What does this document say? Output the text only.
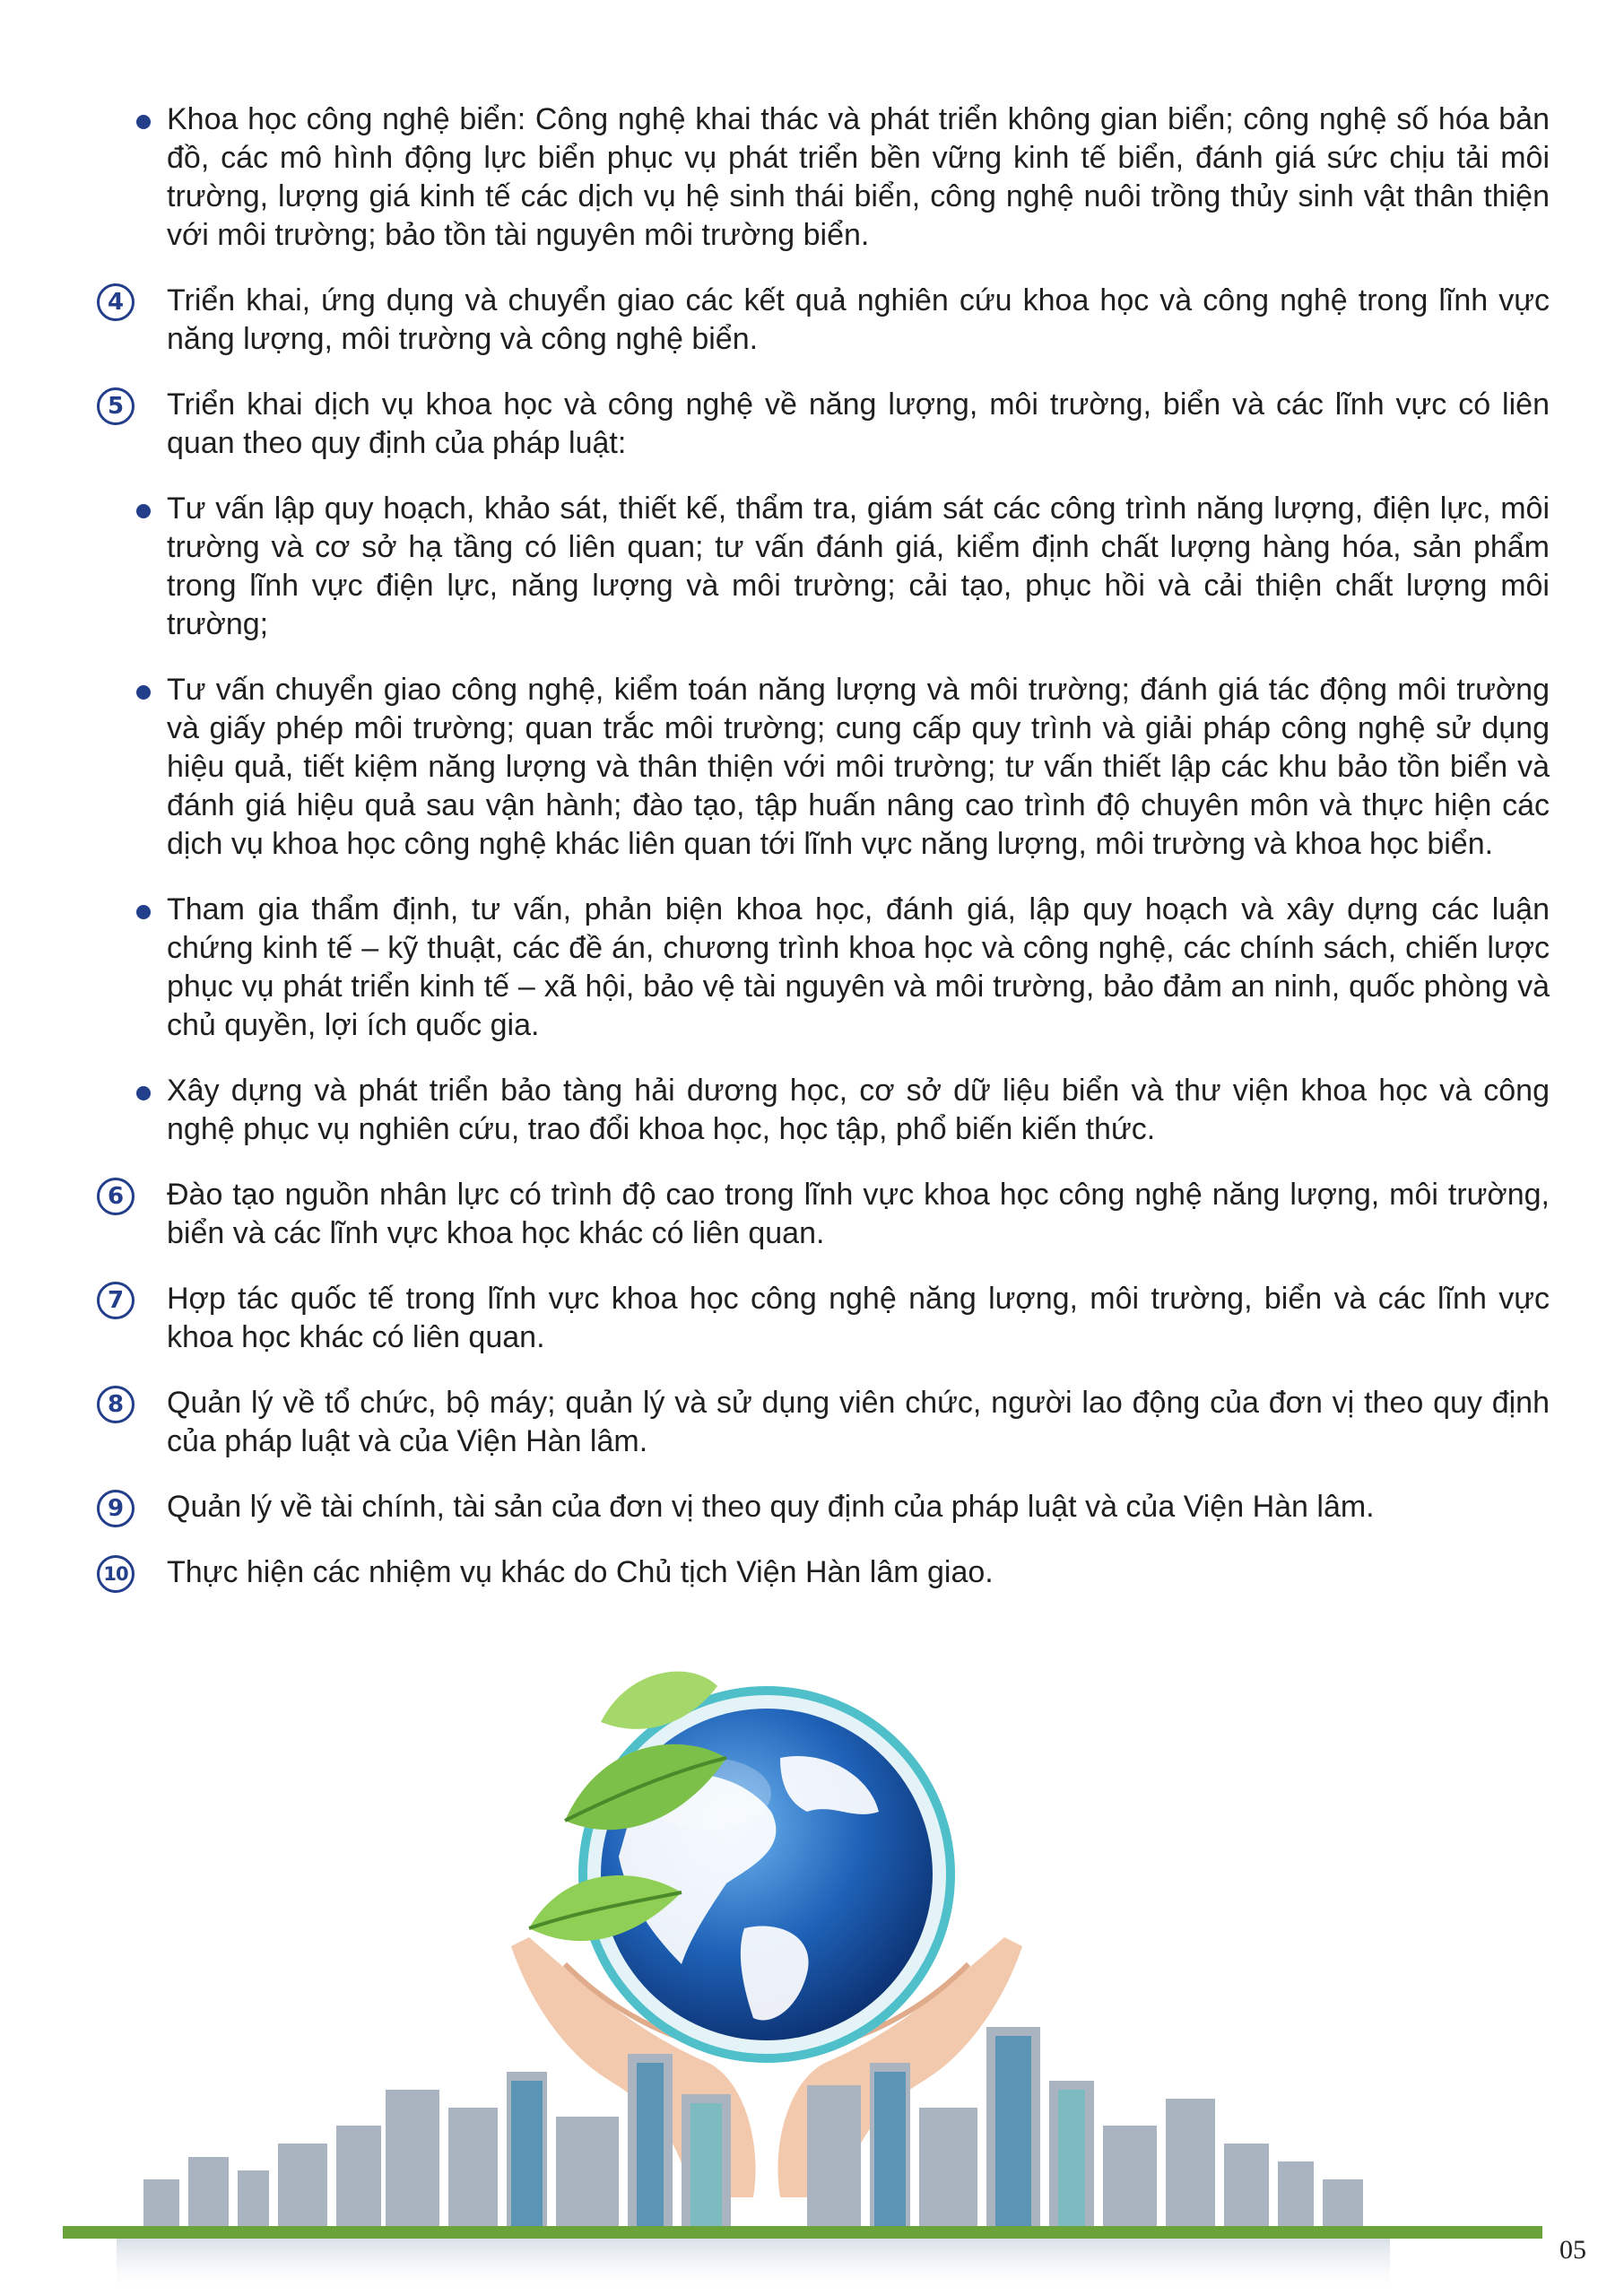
Khoa học công nghệ biển: Công nghệ khai thác và phát triển không gian biển; công nghệ số hóa bản đồ, các mô hình động lực biển phục vụ phát triển bền vững kinh tế biển, đánh giá sức chịu tải môi trường, lượng giá kinh tế các dịch vụ hệ sinh thái biển, công nghệ nuôi trồng thủy sinh vật thân thiện với môi trường; bảo tồn tài nguyên môi trường biển.
4	Triển khai, ứng dụng và chuyển giao các kết quả nghiên cứu khoa học và công nghệ trong lĩnh vực năng lượng, môi trường và công nghệ biển.
5	Triển khai dịch vụ khoa học và công nghệ về năng lượng, môi trường, biển và các lĩnh vực có liên quan theo quy định của pháp luật:
Tư vấn lập quy hoạch, khảo sát, thiết kế, thẩm tra, giám sát các công trình năng lượng, điện lực, môi trường và cơ sở hạ tầng có liên quan; tư vấn đánh giá, kiểm định chất lượng hàng hóa, sản phẩm trong lĩnh vực điện lực, năng lượng và môi trường; cải tạo, phục hồi và cải thiện chất lượng môi trường;
Tư vấn chuyển giao công nghệ, kiểm toán năng lượng và môi trường; đánh giá tác động môi trường và giấy phép môi trường; quan trắc môi trường; cung cấp quy trình và giải pháp công nghệ sử dụng hiệu quả, tiết kiệm năng lượng và thân thiện với môi trường; tư vấn thiết lập các khu bảo tồn biển và đánh giá hiệu quả sau vận hành; đào tạo, tập huấn nâng cao trình độ chuyên môn và thực hiện các dịch vụ khoa học công nghệ khác liên quan tới lĩnh vực năng lượng, môi trường và khoa học biển.
Tham gia thẩm định, tư vấn, phản biện khoa học, đánh giá, lập quy hoạch và xây dựng các luận chứng kinh tế – kỹ thuật, các đề án, chương trình khoa học và công nghệ, các chính sách, chiến lược phục vụ phát triển kinh tế – xã hội, bảo vệ tài nguyên và môi trường, bảo đảm an ninh, quốc phòng và chủ quyền, lợi ích quốc gia.
Xây dựng và phát triển bảo tàng hải dương học, cơ sở dữ liệu biển và thư viện khoa học và công nghệ phục vụ nghiên cứu, trao đổi khoa học, học tập, phổ biến kiến thức.
6	Đào tạo nguồn nhân lực có trình độ cao trong lĩnh vực khoa học công nghệ năng lượng, môi trường, biển và các lĩnh vực khoa học khác có liên quan.
7	Hợp tác quốc tế trong lĩnh vực khoa học công nghệ năng lượng, môi trường, biển và các lĩnh vực khoa học khác có liên quan.
8	Quản lý về tổ chức, bộ máy; quản lý và sử dụng viên chức, người lao động của đơn vị theo quy định của pháp luật và của Viện Hàn lâm.
9	Quản lý về tài chính, tài sản của đơn vị theo quy định của pháp luật và của Viện Hàn lâm.
10 Thực hiện các nhiệm vụ khác do Chủ tịch Viện Hàn lâm giao.
05
